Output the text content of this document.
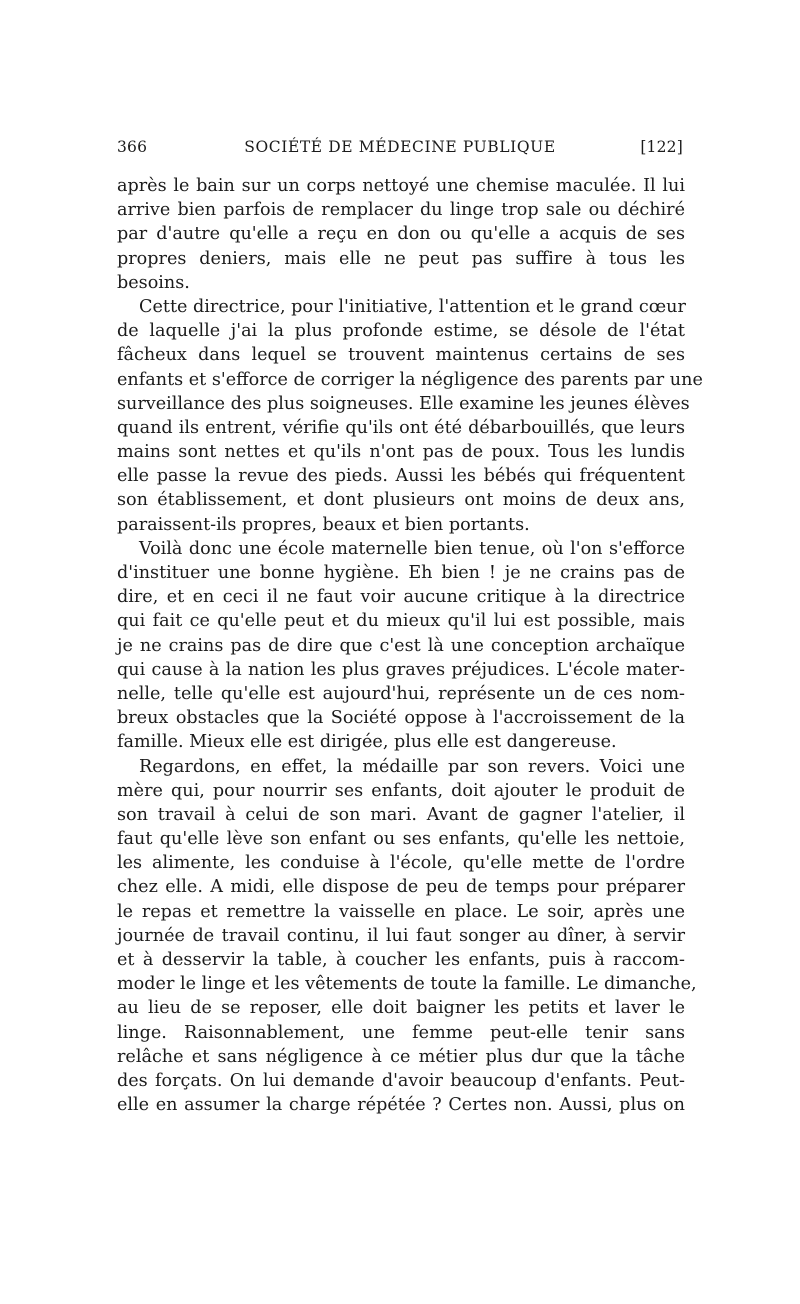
366	SOCIÉTÉ DE MÉDECINE PUBLIQUE	[122]
après le bain sur un corps nettoyé une chemise maculée. Il lui
arrive bien parfois de remplacer du linge trop sale ou déchiré
par d'autre qu'elle a reçu en don ou qu'elle a acquis de ses
propres deniers, mais elle ne peut pas suffire à tous les
besoins.
Cette directrice, pour l'initiative, l'attention et le grand cœur
de laquelle j'ai la plus profonde estime, se désole de l'état
fâcheux dans lequel se trouvent maintenus certains de ses
enfants et s'efforce de corriger la négligence des parents par une
surveillance des plus soigneuses. Elle examine les jeunes élèves
quand ils entrent, vérifie qu'ils ont été débarbouillés, que leurs
mains sont nettes et qu'ils n'ont pas de poux. Tous les lundis
elle passe la revue des pieds. Aussi les bébés qui fréquentent
son établissement, et dont plusieurs ont moins de deux ans,
paraissent-ils propres, beaux et bien portants.
Voilà donc une école maternelle bien tenue, où l'on s'efforce
d'instituer une bonne hygiène. Eh bien ! je ne crains pas de
dire, et en ceci il ne faut voir aucune critique à la directrice
qui fait ce qu'elle peut et du mieux qu'il lui est possible, mais
je ne crains pas de dire que c'est là une conception archaïque
qui cause à la nation les plus graves préjudices. L'école mater-
nelle, telle qu'elle est aujourd'hui, représente un de ces nom-
breux obstacles que la Société oppose à l'accroissement de la
famille. Mieux elle est dirigée, plus elle est dangereuse.
Regardons, en effet, la médaille par son revers. Voici une
mère qui, pour nourrir ses enfants, doit ajouter le produit de
son travail à celui de son mari. Avant de gagner l'atelier, il
faut qu'elle lève son enfant ou ses enfants, qu'elle les nettoie,
les alimente, les conduise à l'école, qu'elle mette de l'ordre
chez elle. A midi, elle dispose de peu de temps pour préparer
le repas et remettre la vaisselle en place. Le soir, après une
journée de travail continu, il lui faut songer au dîner, à servir
et à desservir la table, à coucher les enfants, puis à raccom-
moder le linge et les vêtements de toute la famille. Le dimanche,
au lieu de se reposer, elle doit baigner les petits et laver le
linge. Raisonnablement, une femme peut-elle tenir sans
relâche et sans négligence à ce métier plus dur que la tâche
des forçats. On lui demande d'avoir beaucoup d'enfants. Peut-
elle en assumer la charge répétée ? Certes non. Aussi, plus on
